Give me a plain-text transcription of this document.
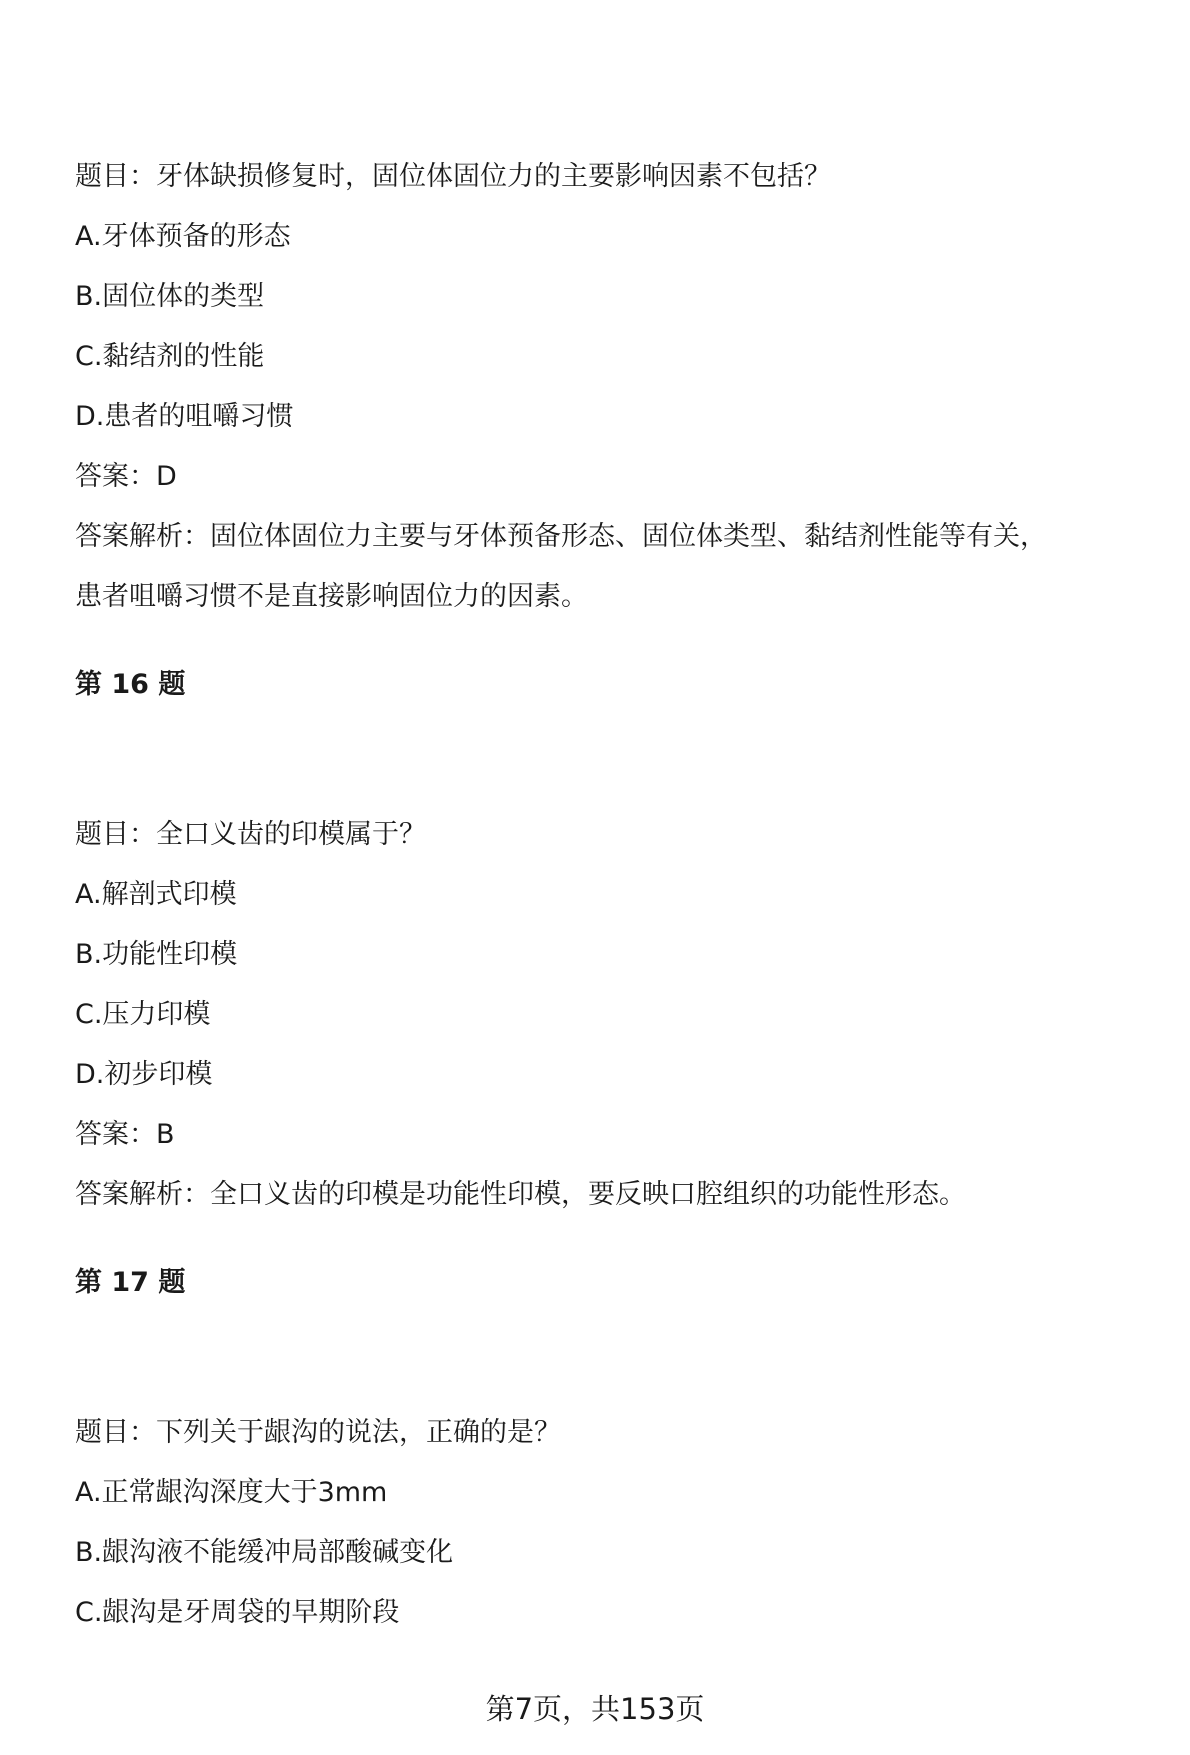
题目：牙体缺损修复时，固位体固位力的主要影响因素不包括？

A.牙体预备的形态

B.固位体的类型

C.黏结剂的性能

D.患者的咀嚼习惯

答案：D

答案解析：固位体固位力主要与牙体预备形态、固位体类型、黏结剂性能等有关，

患者咀嚼习惯不是直接影响固位力的因素。

第 16 题

题目：全口义齿的印模属于？

A.解剖式印模

B.功能性印模

C.压力印模

D.初步印模

答案：B

答案解析：全口义齿的印模是功能性印模，要反映口腔组织的功能性形态。

第 17 题

题目：下列关于龈沟的说法，正确的是？

A.正常龈沟深度大于3mm

B.龈沟液不能缓冲局部酸碱变化

C.龈沟是牙周袋的早期阶段

第7页，共153页
